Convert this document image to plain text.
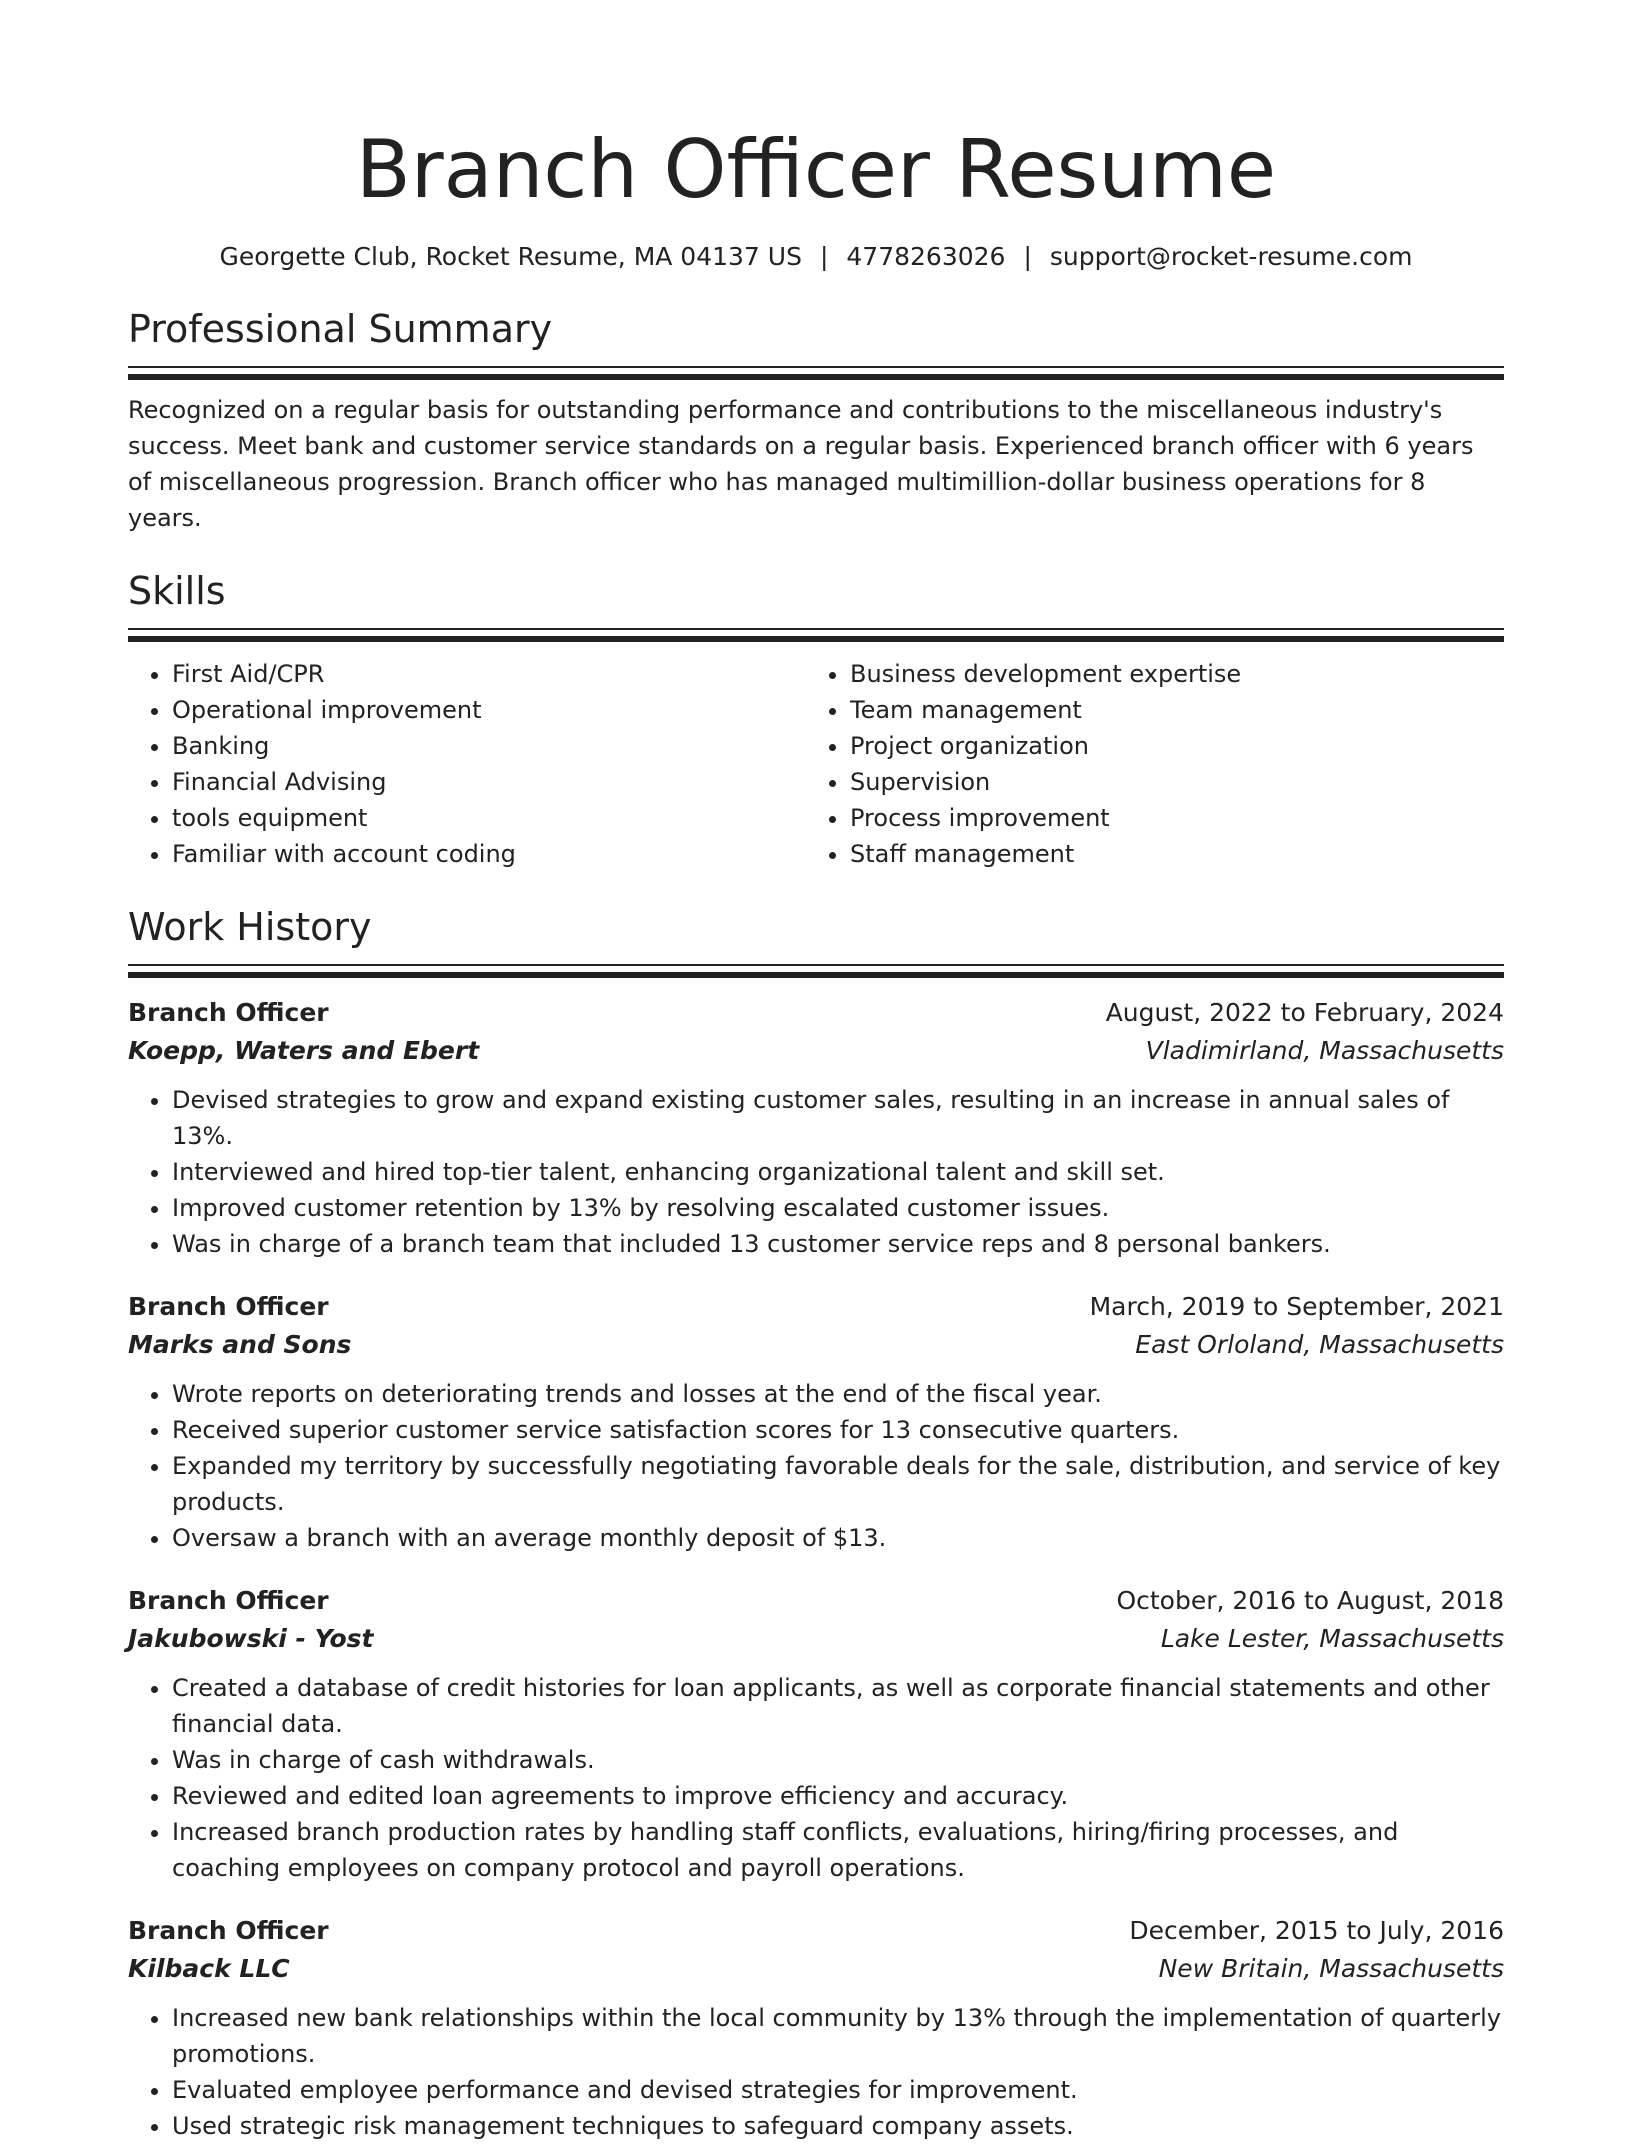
Branch Officer Resume
Georgette Club, Rocket Resume, MA 04137 US | 4778263026 | support@rocket-resume.com
Professional Summary

Recognized on a regular basis for outstanding performance and contributions to the miscellaneous industry's success. Meet bank and customer service standards on a regular basis. Experienced branch officer with 6 years of miscellaneous progression. Branch officer who has managed multimillion-dollar business operations for 8 years.

Skills
• First Aid/CPR
• Operational improvement
• Banking
• Financial Advising
• tools equipment
• Familiar with account coding
• Business development expertise
• Team management
• Project organization
• Supervision
• Process improvement
• Staff management
Work History
Branch Officer	August, 2022 to February, 2024
Koepp, Waters and Ebert	Vladimirland, Massachusetts
• Devised strategies to grow and expand existing customer sales, resulting in an increase in annual sales of 13%.
• Interviewed and hired top-tier talent, enhancing organizational talent and skill set.
• Improved customer retention by 13% by resolving escalated customer issues.
• Was in charge of a branch team that included 13 customer service reps and 8 personal bankers.
Branch Officer	March, 2019 to September, 2021
Marks and Sons	East Orloland, Massachusetts
• Wrote reports on deteriorating trends and losses at the end of the fiscal year.
• Received superior customer service satisfaction scores for 13 consecutive quarters.
• Expanded my territory by successfully negotiating favorable deals for the sale, distribution, and service of key products.
• Oversaw a branch with an average monthly deposit of $13.
Branch Officer	October, 2016 to August, 2018
Jakubowski - Yost	Lake Lester, Massachusetts
• Created a database of credit histories for loan applicants, as well as corporate financial statements and other financial data.
• Was in charge of cash withdrawals.
• Reviewed and edited loan agreements to improve efficiency and accuracy.
• Increased branch production rates by handling staff conflicts, evaluations, hiring/firing processes, and coaching employees on company protocol and payroll operations.
Branch Officer	December, 2015 to July, 2016
Kilback LLC	New Britain, Massachusetts
• Increased new bank relationships within the local community by 13% through the implementation of quarterly promotions.
• Evaluated employee performance and devised strategies for improvement.
• Used strategic risk management techniques to safeguard company assets.
